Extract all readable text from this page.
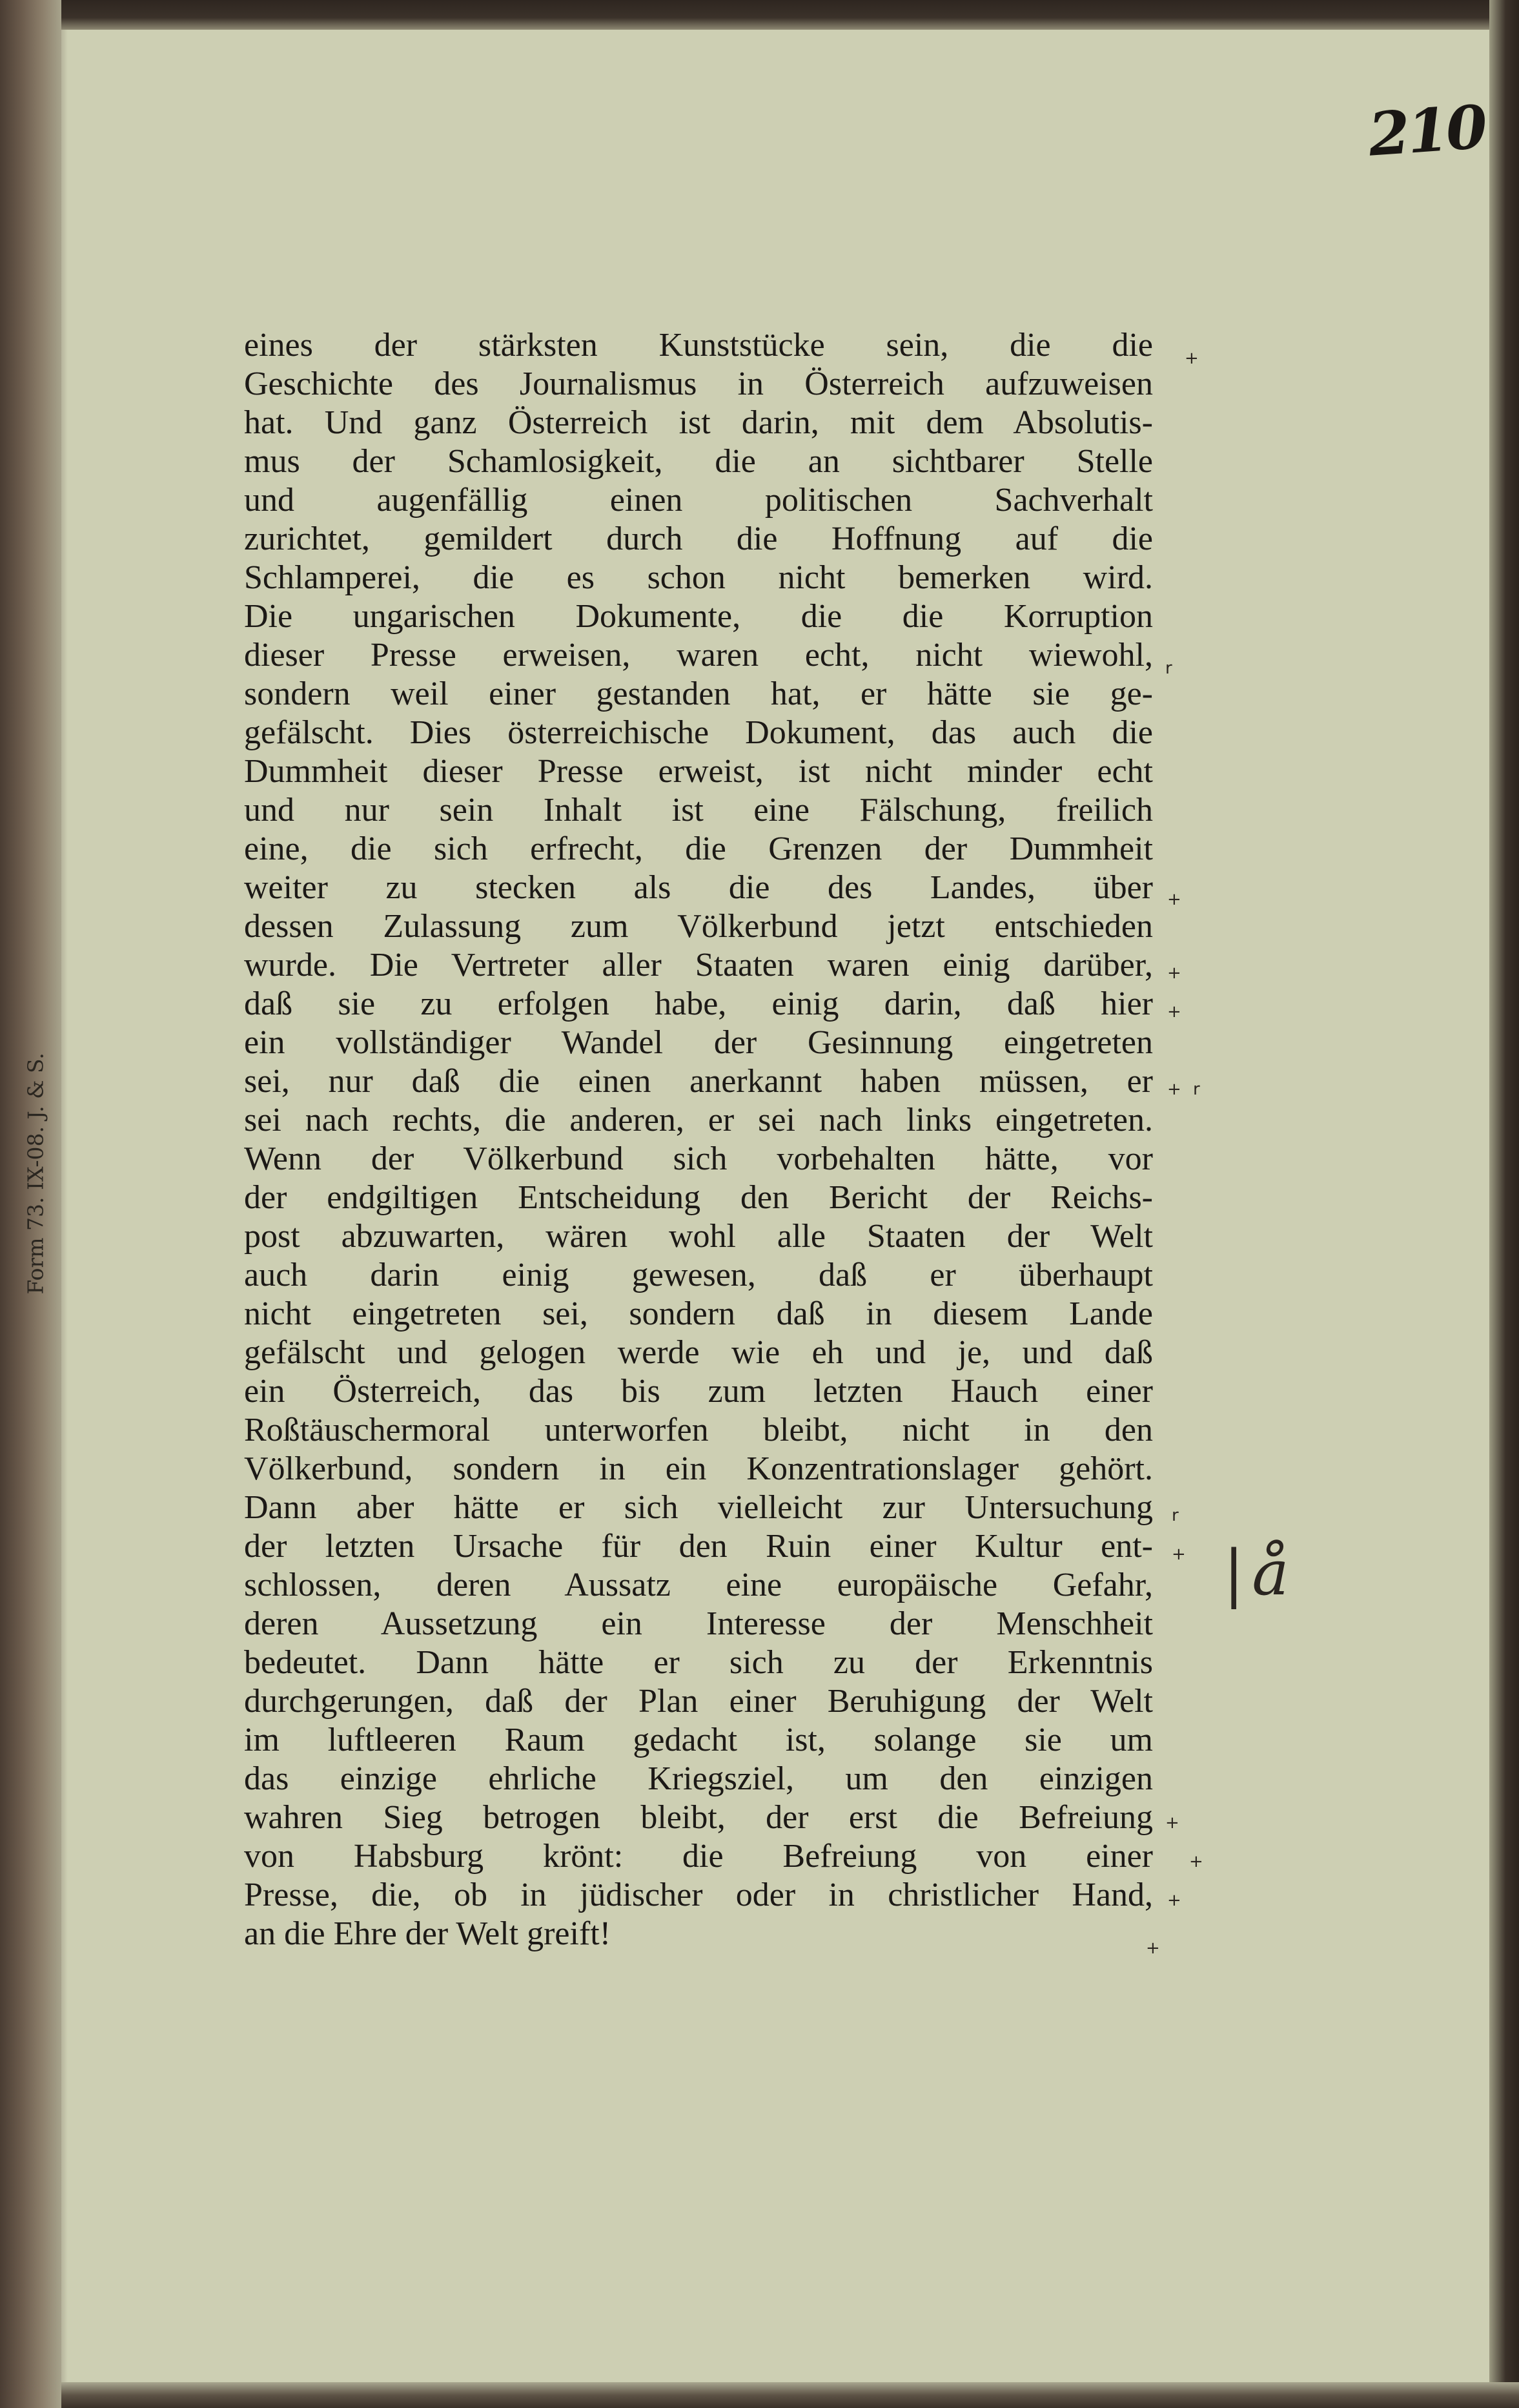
210
Form 73. IX-08. J. & S.
eines der stärksten Kunststücke sein, die die
Geschichte des Journalismus in Österreich aufzuweisen
hat. Und ganz Österreich ist darin, mit dem Absolutis-
mus der Schamlosigkeit, die an sichtbarer Stelle
und augenfällig einen politischen Sachverhalt
zurichtet, gemildert durch die Hoffnung auf die
Schlamperei, die es schon nicht bemerken wird.
Die ungarischen Dokumente, die die Korruption
dieser Presse erweisen, waren echt, nicht wiewohl,
sondern weil einer gestanden hat, er hätte sie ge-
gefälscht. Dies österreichische Dokument, das auch die
Dummheit dieser Presse erweist, ist nicht minder echt
und nur sein Inhalt ist eine Fälschung, freilich
eine, die sich erfrecht, die Grenzen der Dummheit
weiter zu stecken als die des Landes, über
dessen Zulassung zum Völkerbund jetzt entschieden
wurde. Die Vertreter aller Staaten waren einig darüber,
daß sie zu erfolgen habe, einig darin, daß hier
ein vollständiger Wandel der Gesinnung eingetreten
sei, nur daß die einen anerkannt haben müssen, er
sei nach rechts, die anderen, er sei nach links eingetreten.
Wenn der Völkerbund sich vorbehalten hätte, vor
der endgiltigen Entscheidung den Bericht der Reichs-
post abzuwarten, wären wohl alle Staaten der Welt
auch darin einig gewesen, daß er überhaupt
nicht eingetreten sei, sondern daß in diesem Lande
gefälscht und gelogen werde wie eh und je, und daß
ein Österreich, das bis zum letzten Hauch einer
Roßtäuschermoral unterworfen bleibt, nicht in den
Völkerbund, sondern in ein Konzentrationslager gehört.
Dann aber hätte er sich vielleicht zur Untersuchung
der letzten Ursache für den Ruin einer Kultur ent-
schlossen, deren Aussatz eine europäische Gefahr,
deren Aussetzung ein Interesse der Menschheit
bedeutet. Dann hätte er sich zu der Erkenntnis
durchgerungen, daß der Plan einer Beruhigung der Welt
im luftleeren Raum gedacht ist, solange sie um
das einzige ehrliche Kriegsziel, um den einzigen
wahren Sieg betrogen bleibt, der erst die Befreiung
von Habsburg krönt: die Befreiung von einer
Presse, die, ob in jüdischer oder in christlicher Hand,
an die Ehre der Welt greift!
+
r
+
+
+
+ r
r
+
+
+
+
+
|å
